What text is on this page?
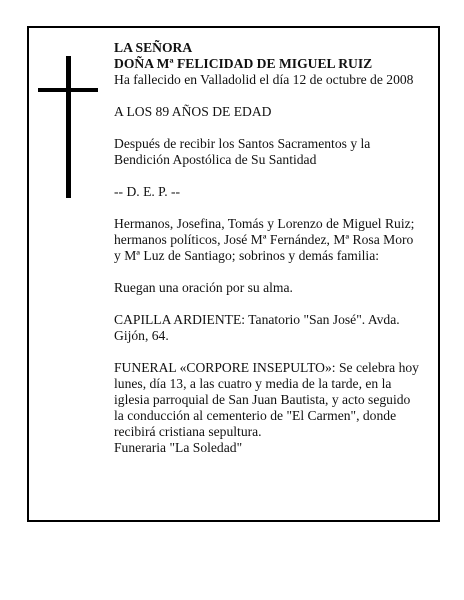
LA SEÑORA
DOÑA Mª FELICIDAD DE MIGUEL RUIZ
Ha fallecido en Valladolid el día 12 de octubre de 2008
A LOS 89 AÑOS DE EDAD
Después de recibir los Santos Sacramentos y la
Bendición Apostólica de Su Santidad
-- D. E. P. --
Hermanos, Josefina, Tomás y Lorenzo de Miguel Ruiz;
hermanos políticos, José Mª Fernández, Mª Rosa Moro
y Mª Luz de Santiago; sobrinos y demás familia:
Ruegan una oración por su alma.
CAPILLA ARDIENTE: Tanatorio "San José". Avda.
Gijón, 64.
FUNERAL «CORPORE INSEPULTO»: Se celebra hoy
lunes, día 13, a las cuatro y media de la tarde, en la
iglesia parroquial de San Juan Bautista, y acto seguido
la conducción al cementerio de "El Carmen", donde
recibirá cristiana sepultura.
Funeraria "La Soledad"
